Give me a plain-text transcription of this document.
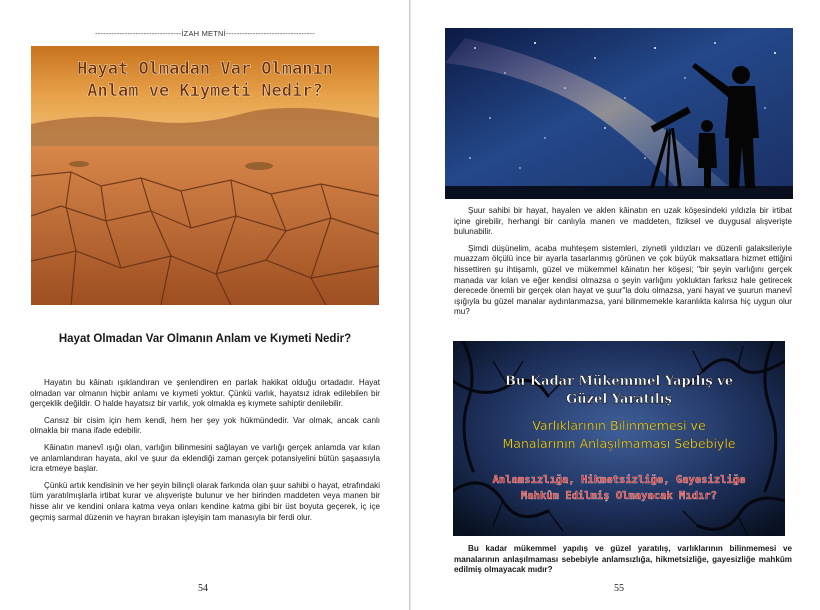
--------------------------------İZAH METNİ---------------------------------
Hayat Olmadan Var Olmanın
Anlam ve Kıymeti Nedir?
Hayat Olmadan Var Olmanın Anlam ve Kıymeti Nedir?

Hayatın bu kâinatı ışıklandıran ve şenlendiren en parlak hakikat olduğu ortadadır. Hayat olmadan var olmanın hiçbir anlamı ve kıymeti yoktur. Çünkü varlık, hayatsız idrak edilebilen bir gerçeklik değildir. O halde hayatsız bir varlık, yok olmakla eş kıymete sahiptir denilebilir.

Cansız bir cisim için hem kendi, hem her şey yok hükmündedir. Var olmak, ancak canlı olmakla bir mana ifade edebilir.

Kâinatın manevî ışığı olan, varlığın bilinmesini sağlayan ve varlığı gerçek anlamda var kılan ve anlamlandıran hayata, akıl ve şuur da eklendiği zaman gerçek potansiyelini bütün şaşaasıyla icra etmeye başlar.

Çünkü artık kendisinin ve her şeyin bilinçli olarak farkında olan şuur sahibi o hayat, etrafındaki tüm yaratılmışlarla irtibat kurar ve alışverişte bulunur ve her birinden maddeten veya manen bir hisse alır ve kendini onlara katma veya onları kendine katma gibi bir üst boyuta geçerek, iç içe geçmiş sarmal düzenin ve hayran bırakan işleyişin tam manasıyla bir ferdi olur.

54

Şuur sahibi bir hayat, hayalen ve aklen kâinatın en uzak köşesindeki yıldızla bir irtibat içine girebilir, herhangi bir canlıyla manen ve maddeten, fiziksel ve duygusal alışverişte bulunabilir.

Şimdi düşünelim, acaba muhteşem sistemleri, ziynetli yıldızları ve düzenli galaksileriyle muazzam ölçülü ince bir ayarla tasarlanmış görünen ve çok büyük maksatlara hizmet ettiğini hissettiren şu ihtişamlı, güzel ve mükemmel kâinatın her köşesi; "bir şeyin varlığını gerçek manada var kılan ve eğer kendisi olmazsa o şeyin varlığını yokluktan farksız hale getirecek derecede önemli bir gerçek olan hayat ve şuur"la dolu olmazsa, yani hayat ve şuurun manevî ışığıyla bu güzel manalar aydınlanmazsa, yani bilinmemekle karanlıkta kalırsa hiç uygun olur mu?

Bu Kadar Mükemmel Yapılış ve
Güzel Yaratılış
Varlıklarının Bilinmemesi ve
Manalarının Anlaşılmaması Sebebiyle
Anlamsızlığa, Hikmetsizliğe, Gayesizliğe
Mahkûm Edilmiş Olmayacak Mıdır?
Bu kadar mükemmel yapılış ve güzel yaratılış, varlıklarının bilinmemesi ve manalarının anlaşılmaması sebebiyle anlamsızlığa, hikmetsizliğe, gayesizliğe mahkûm edilmiş olmayacak mıdır?
55
